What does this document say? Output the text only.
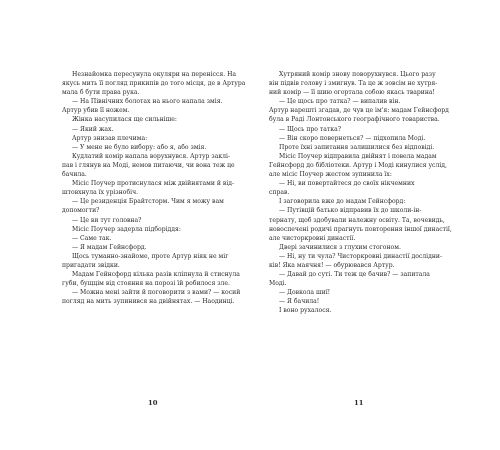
Незнайомка пересунула окуляри на перенісся. На
якусь мить її погляд прикипів до того місця, де в Артура
мала б бути права рука.
— На Північних болотах на нього напала змія.
Артур убив її ножем.
Жінка насупилася ще сильніше:
— Який жах.
Артур знизав плечима:
— У мене не було вибору: або я, або змія.
Кудлатий комір напала ворухнувся. Артур заклі-
пав і глянув на Моді, немов питаючи, чи вона теж це
бачила.
Місіс Поучер протиснулася між двійнятами й від-
штовхнула їх урізнобіч.
— Це резиденція Брайтсторм. Чим я можу вам
допомогти?
— Це ви тут головна?
Місіс Поучер задерла підборіддя:
— Саме так.
— Я мадам Гейнсфорд.
Щось туманно-знайоме, проте Артур ніяк не міг
пригадати звідки.
Мадам Гейнсфорд кілька разів кліпнула й стиснула
губи, бущцім від стояння на порозі їй робилося зле.
— Можна мені зайти й поговорити з вами? — косий
погляд на мить зупинився на двійнятах. — Наодинці.
Хутряний комір знову поворухнувся. Цього разу
він підвів голову і змигнув. Та це ж зовсім не хутря-
ний комір — її шию огортала собою якась тварина!
— Це щось про татка? — випалив він.
Артур нарешті згадав, де чув це ім'я: мадам Гейнсфорд
була в Раді Лонтонського географічного товариства.
— Щось про татка?
— Він скоро повернеться? — підхопила Моді.
Проте їхні запитання залишилися без відповіді.
Місіс Поучер відправила двійнят і повела мадам
Гейнсфорд до бібліотеки. Артур і Моді кинулися услід,
але місіс Поучер жестом зупинила їх:
— Ні, ви повертайтеся до своїх нікчемних
справ.
І заговорила вже до мадам Гейнсфорд:
— Путівцій батько відправив їх до школи-ін-
тернату, щоб здобували належну освіту. Та, вочевидь,
новоспечені родичі прагнуть повторення іншої династії,
але чисторкровні династії.
Двері зачинилися з глухим стогоном.
— Ні, ну ти чула? Чисторкровні династії дослідни-
ків! Яка маячня! — обурювався Артур.
— Давай до суті. Ти теж це бачив? — запитала
Моді.
— Довкола шиї!
— Я бачила!
І воно рухалося.
10	11
